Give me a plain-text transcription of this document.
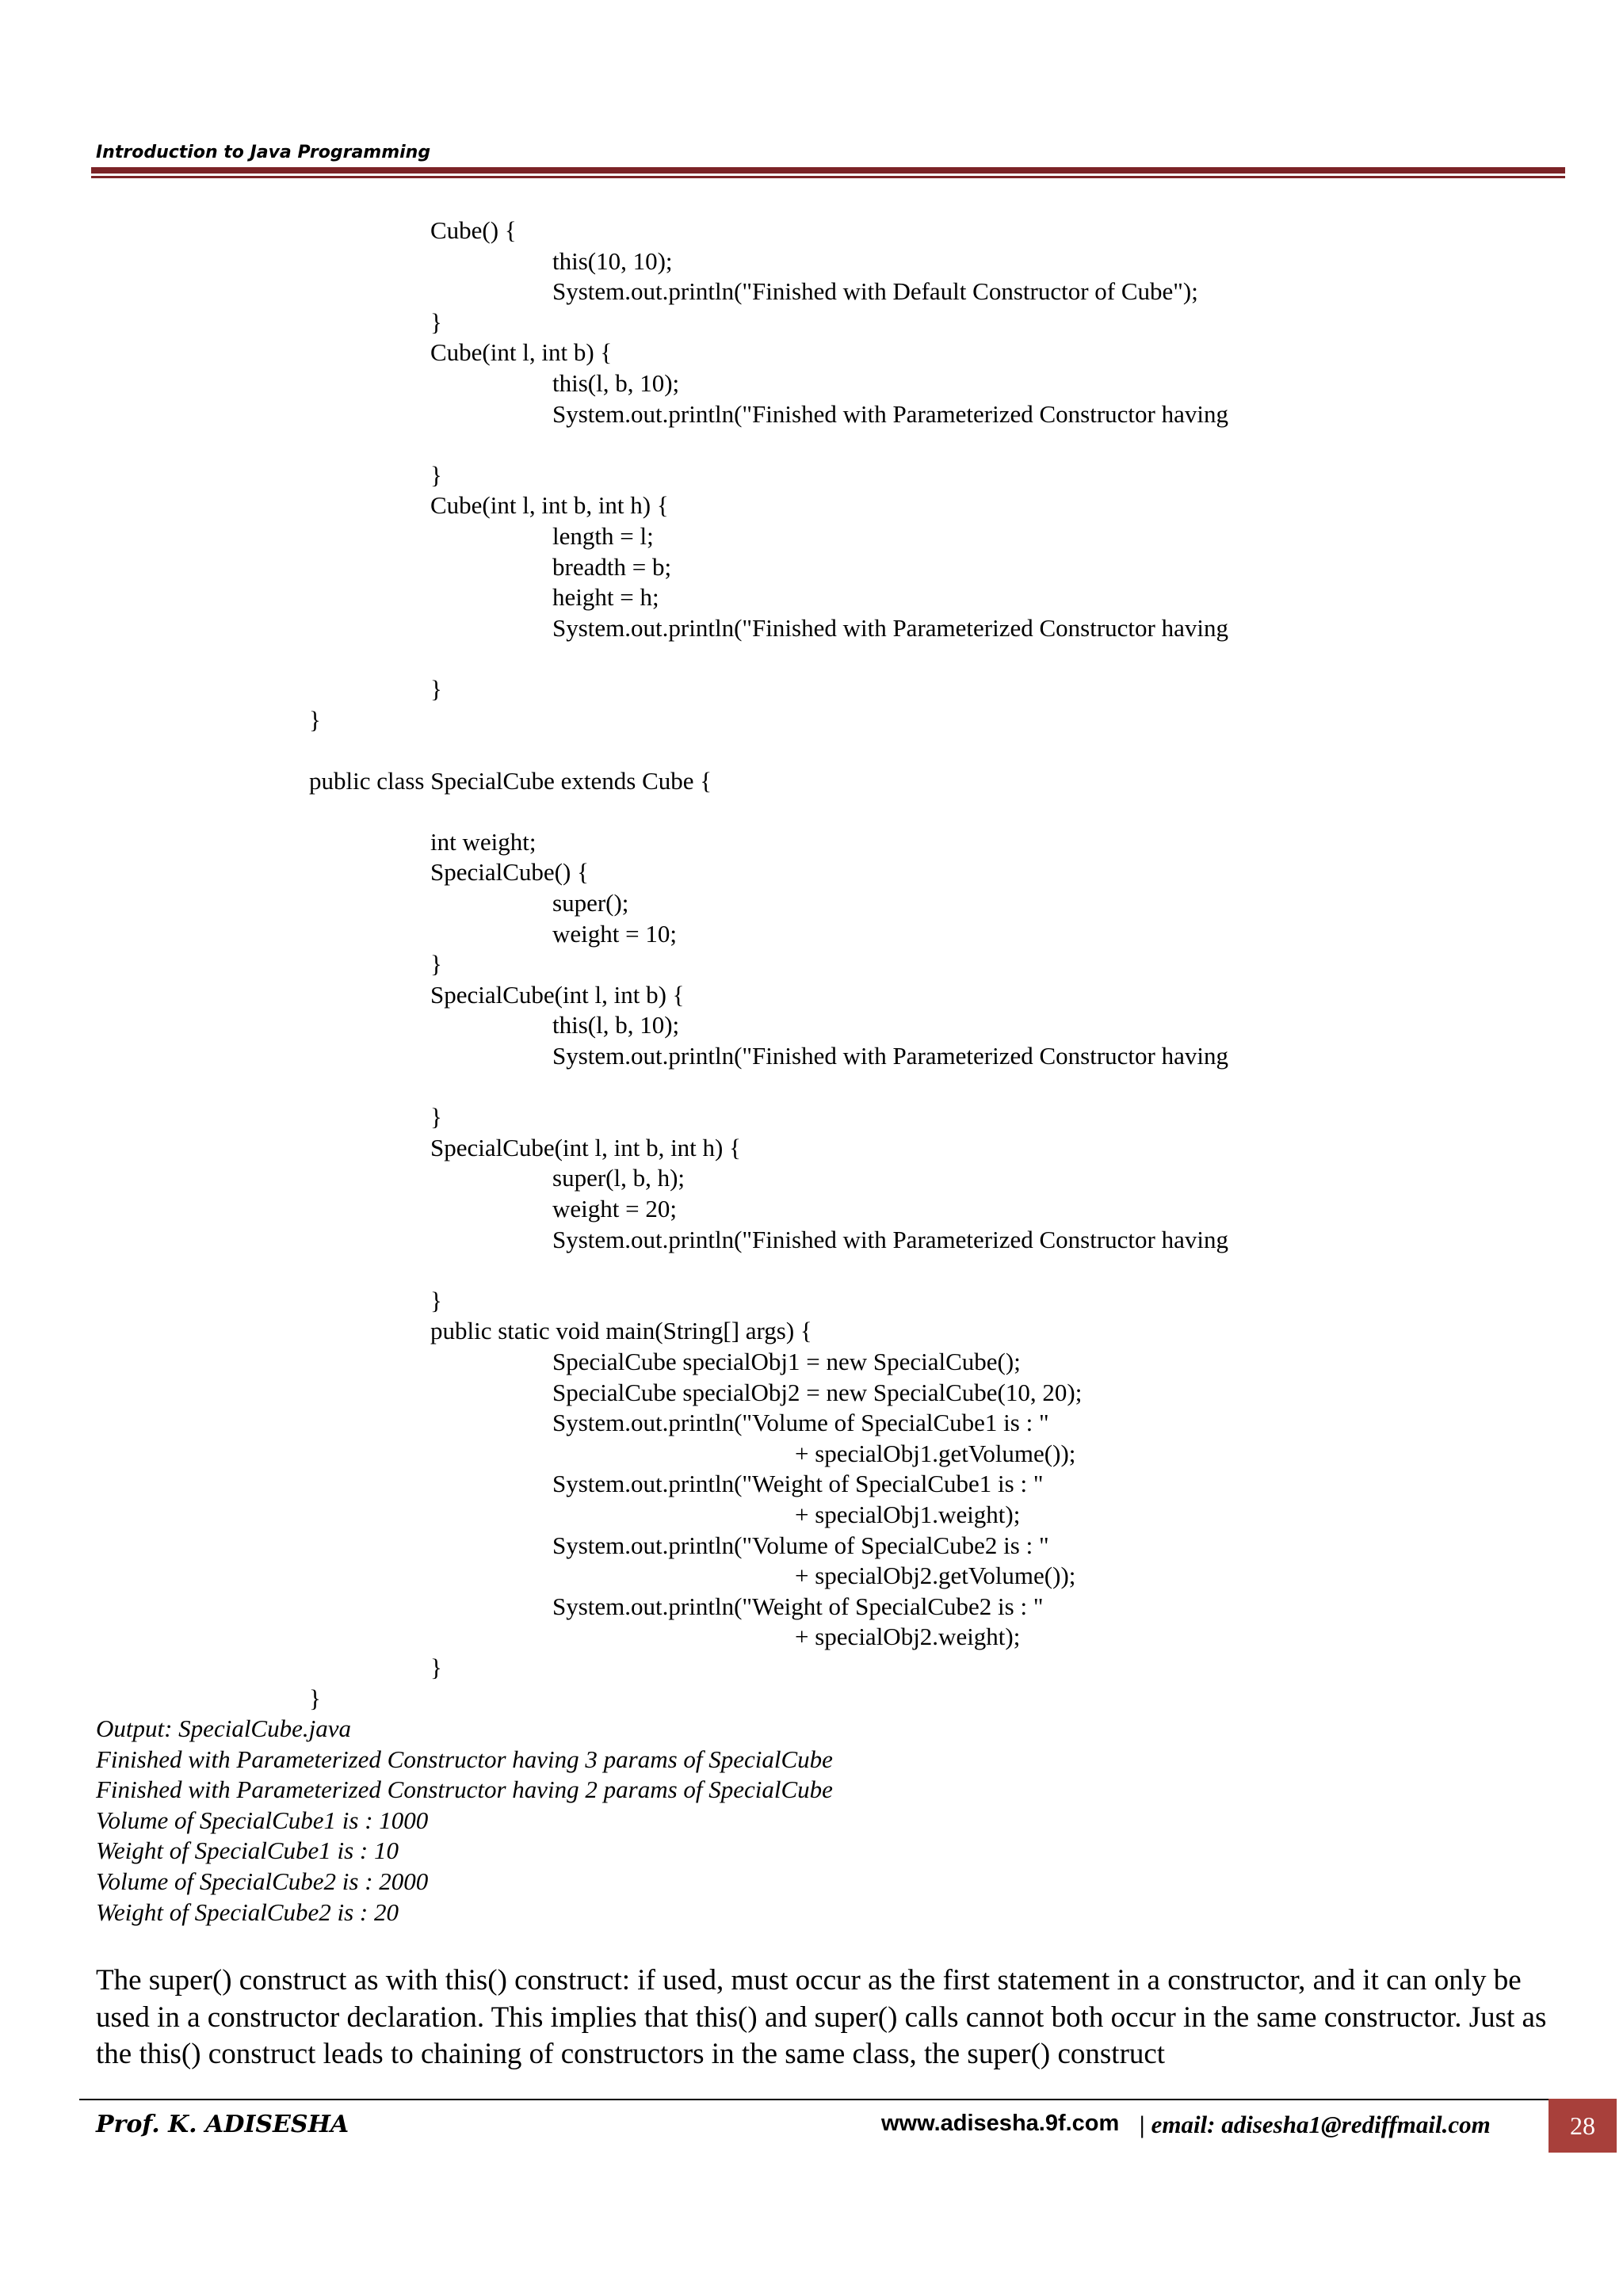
Introduction to Java Programming
Cube() {
this(10, 10);
System.out.println("Finished with Default Constructor of Cube");
}
Cube(int l, int b) {
this(l, b, 10);
System.out.println("Finished with Parameterized Constructor having
}
Cube(int l, int b, int h) {
length = l;
breadth = b;
height = h;
System.out.println("Finished with Parameterized Constructor having
}
}
public class SpecialCube extends Cube {
int weight;
SpecialCube() {
super();
weight = 10;
}
SpecialCube(int l, int b) {
this(l, b, 10);
System.out.println("Finished with Parameterized Constructor having
}
SpecialCube(int l, int b, int h) {
super(l, b, h);
weight = 20;
System.out.println("Finished with Parameterized Constructor having
}
public static void main(String[] args) {
SpecialCube specialObj1 = new SpecialCube();
SpecialCube specialObj2 = new SpecialCube(10, 20);
System.out.println("Volume of SpecialCube1 is : "
+ specialObj1.getVolume());
System.out.println("Weight of SpecialCube1 is : "
+ specialObj1.weight);
System.out.println("Volume of SpecialCube2 is : "
+ specialObj2.getVolume());
System.out.println("Weight of SpecialCube2 is : "
+ specialObj2.weight);
}
}
Output: SpecialCube.java
Finished with Parameterized Constructor having 3 params of SpecialCube
Finished with Parameterized Constructor having 2 params of SpecialCube
Volume of SpecialCube1 is : 1000
Weight of SpecialCube1 is : 10
Volume of SpecialCube2 is : 2000
Weight of SpecialCube2 is : 20
The super() construct as with this() construct: if used, must occur as the first statement in a constructor, and it can only be used in a constructor declaration. This implies that this() and super() calls cannot both occur in the same constructor. Just as the this() construct leads to chaining of constructors in the same class, the super() construct
Prof. K. ADISESHA	www.adisesha.9f.com | email: adisesha1@rediffmail.com	28
